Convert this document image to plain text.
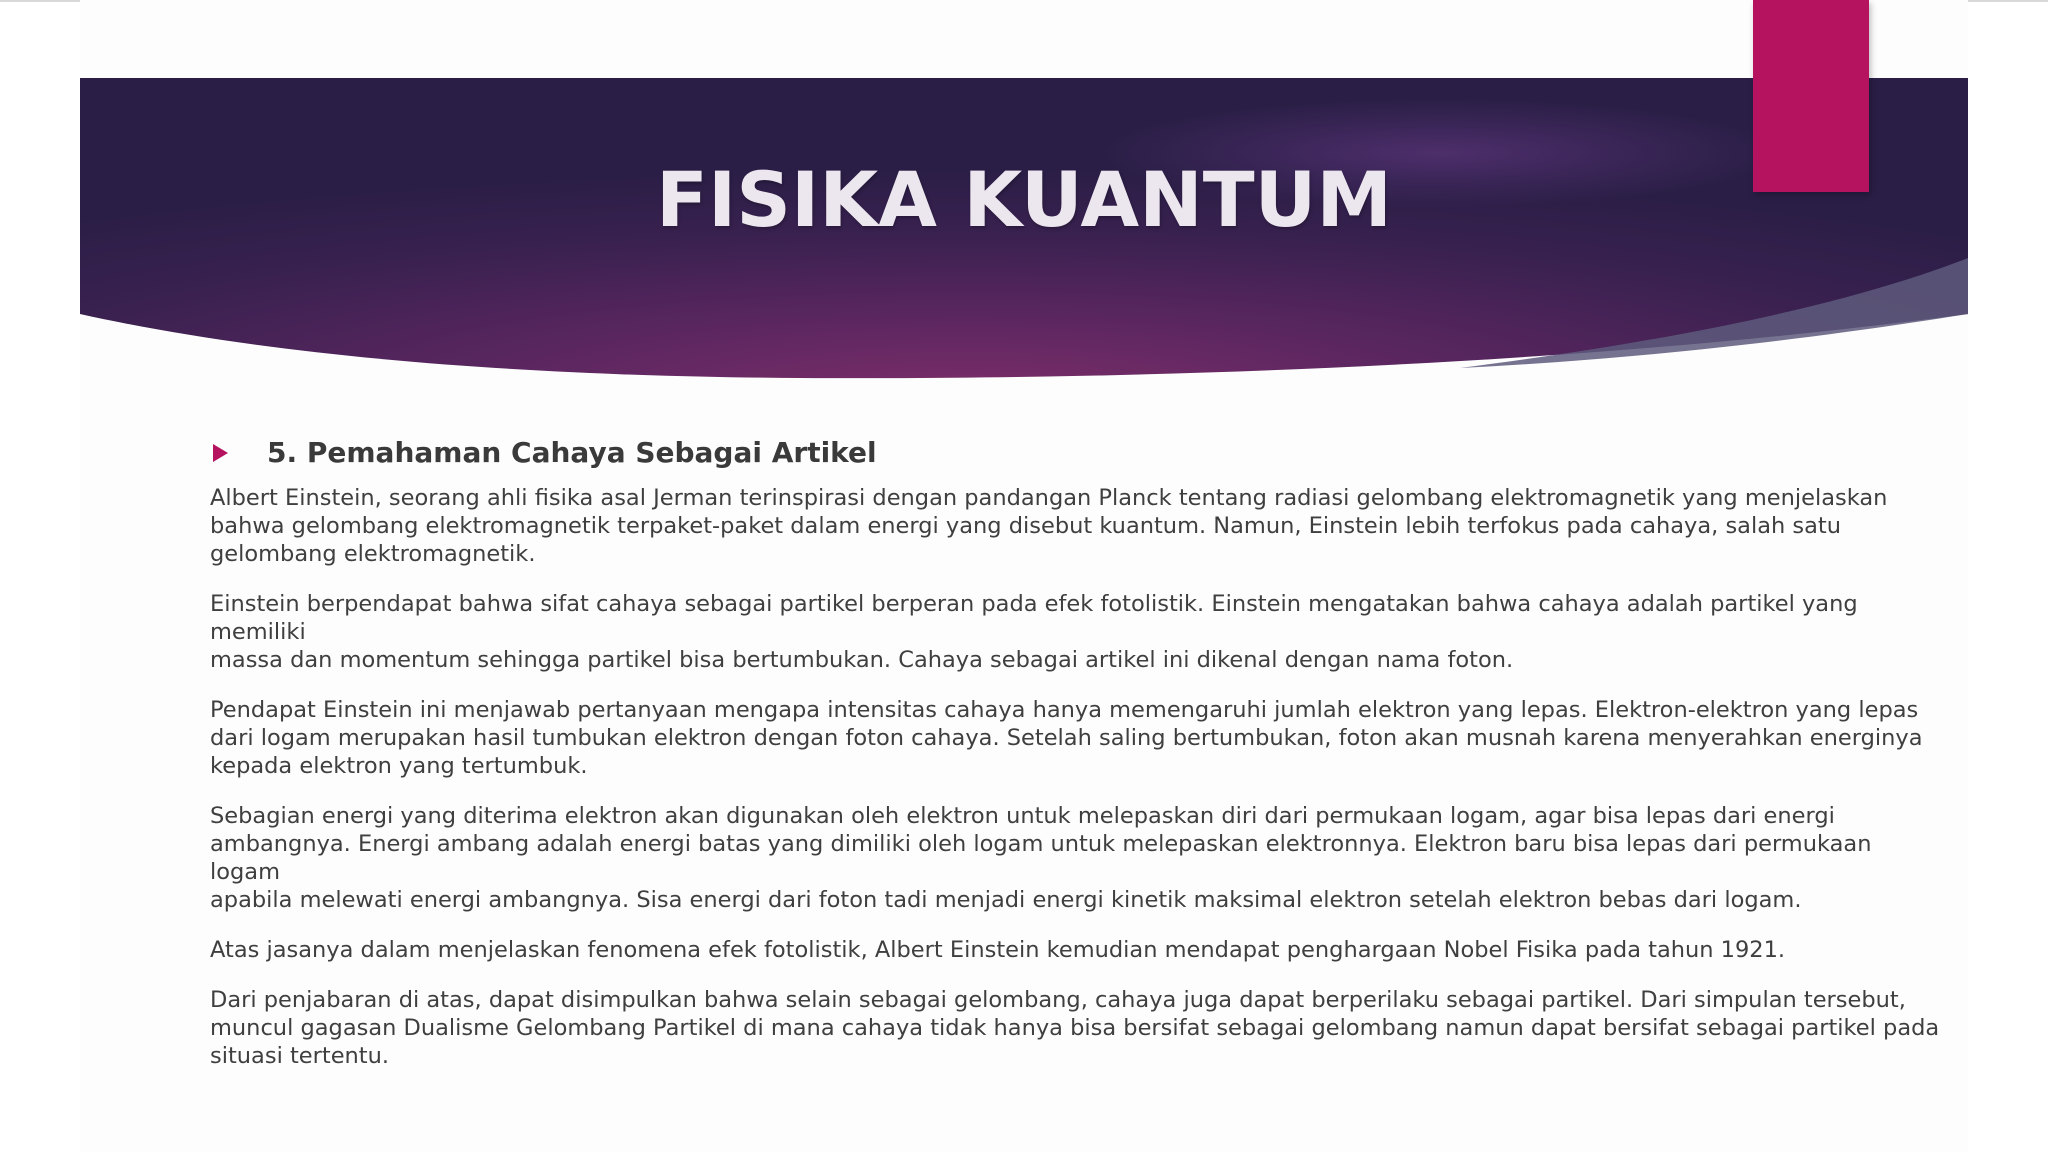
FISIKA KUANTUM
5. Pemahaman Cahaya Sebagai Artikel

Albert Einstein, seorang ahli fisika asal Jerman terinspirasi dengan pandangan Planck tentang radiasi gelombang elektromagnetik yang menjelaskan
bahwa gelombang elektromagnetik terpaket-paket dalam energi yang disebut kuantum. Namun, Einstein lebih terfokus pada cahaya, salah satu
gelombang elektromagnetik.

Einstein berpendapat bahwa sifat cahaya sebagai partikel berperan pada efek fotolistik. Einstein mengatakan bahwa cahaya adalah partikel yang memiliki
massa dan momentum sehingga partikel bisa bertumbukan. Cahaya sebagai artikel ini dikenal dengan nama foton.

Pendapat Einstein ini menjawab pertanyaan mengapa intensitas cahaya hanya memengaruhi jumlah elektron yang lepas. Elektron-elektron yang lepas
dari logam merupakan hasil tumbukan elektron dengan foton cahaya. Setelah saling bertumbukan, foton akan musnah karena menyerahkan energinya
kepada elektron yang tertumbuk.

Sebagian energi yang diterima elektron akan digunakan oleh elektron untuk melepaskan diri dari permukaan logam, agar bisa lepas dari energi
ambangnya. Energi ambang adalah energi batas yang dimiliki oleh logam untuk melepaskan elektronnya. Elektron baru bisa lepas dari permukaan logam
apabila melewati energi ambangnya. Sisa energi dari foton tadi menjadi energi kinetik maksimal elektron setelah elektron bebas dari logam.

Atas jasanya dalam menjelaskan fenomena efek fotolistik, Albert Einstein kemudian mendapat penghargaan Nobel Fisika pada tahun 1921.

Dari penjabaran di atas, dapat disimpulkan bahwa selain sebagai gelombang, cahaya juga dapat berperilaku sebagai partikel. Dari simpulan tersebut,
muncul gagasan Dualisme Gelombang Partikel di mana cahaya tidak hanya bisa bersifat sebagai gelombang namun dapat bersifat sebagai partikel pada
situasi tertentu.
